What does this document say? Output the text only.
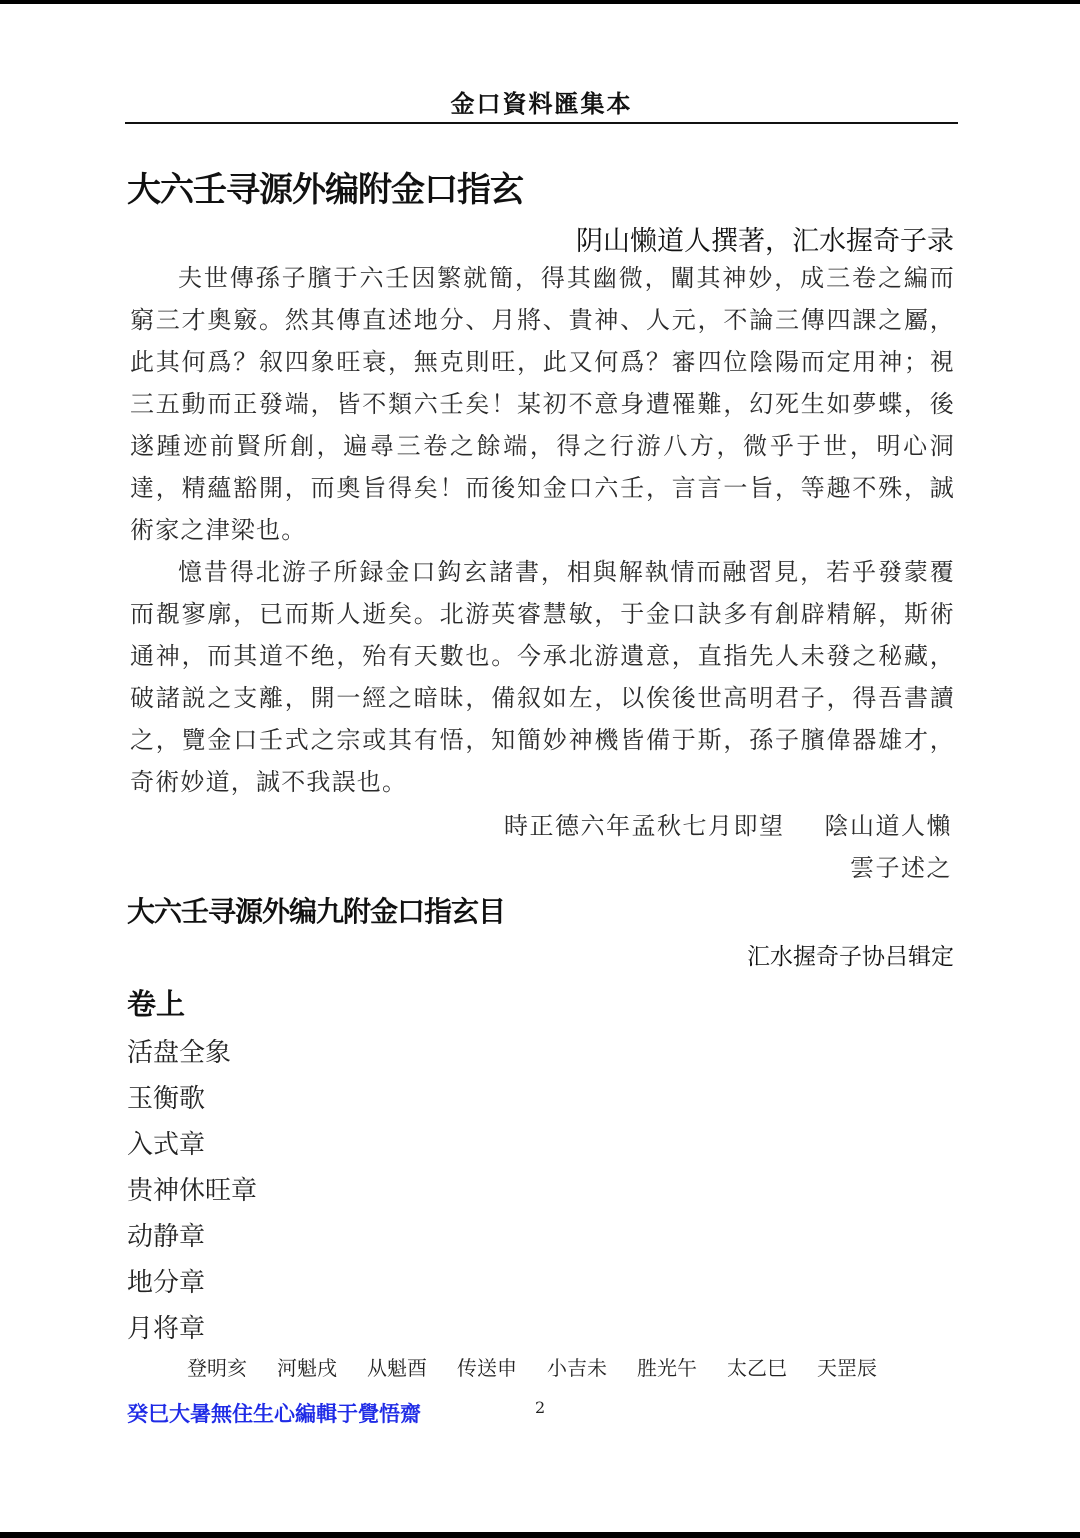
金口資料匯集本
大六壬寻源外编附金口指玄
阴山懒道人撰著，汇水握奇子录

夫世傳孫子臏于六壬因繁就簡，得其幽微，闡其神妙，成三卷之編而窮三才奧竅。然其傳直述地分、月將、貴神、人元，不論三傳四課之屬，此其何爲？叙四象旺衰，無克則旺，此又何爲？審四位陰陽而定用神；視三五動而正發端，皆不類六壬矣！某初不意身遭罹難，幻死生如夢蝶，後遂踵迹前賢所創，遍尋三卷之餘端，得之行游八方，微乎于世，明心洞達，精蘊豁開，而奧旨得矣！而後知金口六壬，言言一旨，等趣不殊，誠術家之津梁也。

憶昔得北游子所録金口鈎玄諸書，相與解執情而融習見，若乎發蒙覆而覩寥廓，已而斯人逝矣。北游英睿慧敏，于金口訣多有創辟精解，斯術通神，而其道不绝，殆有天數也。今承北游遺意，直指先人未發之秘藏，破諸説之支離，開一經之暗昧，備叙如左，以俟後世高明君子，得吾書讀之，覽金口壬式之宗或其有悟，知簡妙神機皆備于斯，孫子臏偉器雄才，奇術妙道，誠不我誤也。

時正德六年孟秋七月即望 陰山道人懶
雲子述之
大六壬寻源外编九附金口指玄目
汇水握奇子协吕辑定
卷上
活盘全象
玉衡歌
入式章
贵神休旺章
动静章
地分章
月将章
登明亥	河魁戌	从魁酉	传送申	小吉未	胜光午	太乙巳	天罡辰
癸巳大暑無住生心編輯于覺悟齋	2
